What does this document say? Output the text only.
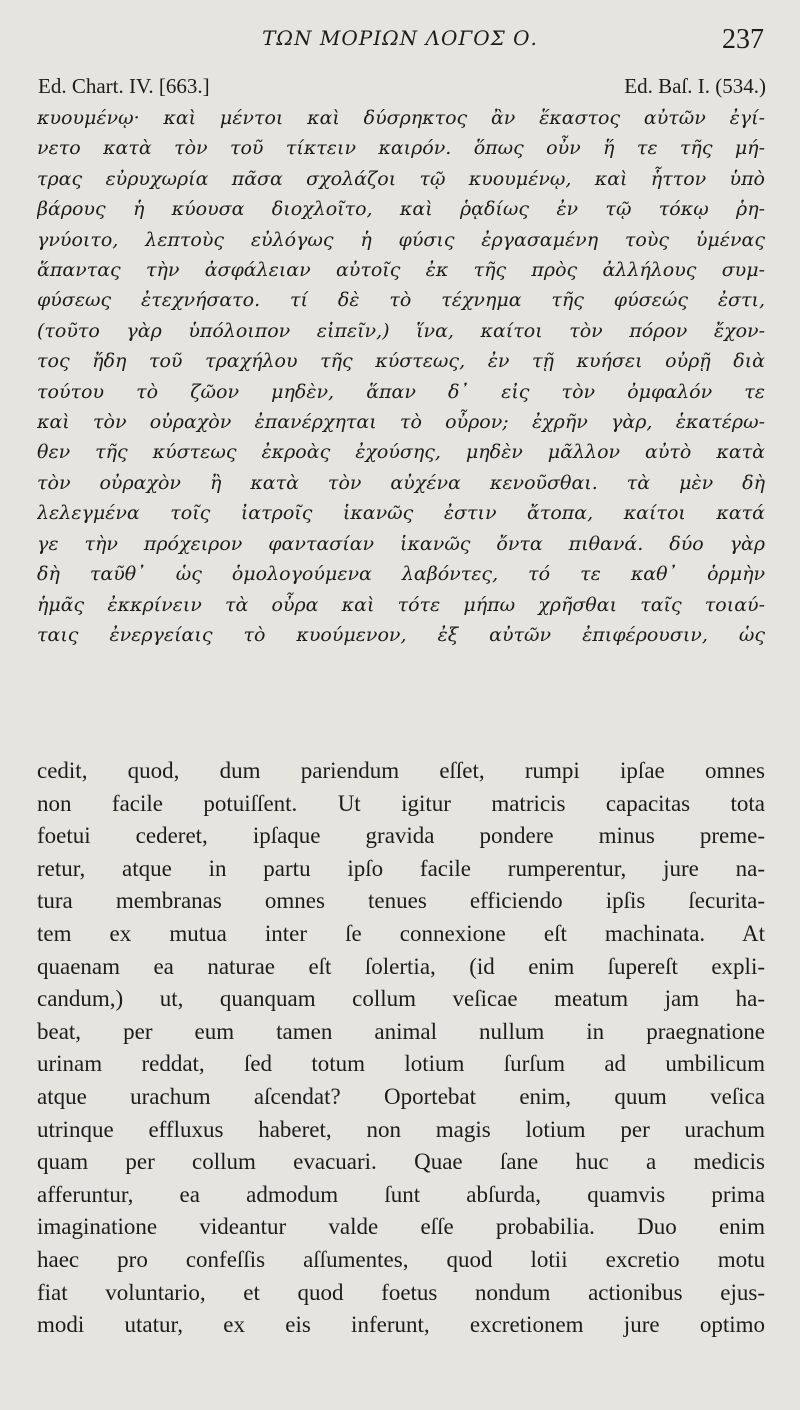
ΤΩΝ ΜΟΡΙΩΝ ΛΟΓΟΣ Ο.	237
Ed. Chart. IV. [663.]	Ed. Baſ. I. (534.)
κυουμένῳ· καὶ μέντοι καὶ δύσρηκτος ἂν ἕκαστος αὐτῶν ἐγί-
νετο κατὰ τὸν τοῦ τίκτειν καιρόν. ὅπως οὖν ἥ τε τῆς μή-
τρας εὐρυχωρία πᾶσα σχολάζοι τῷ κυουμένῳ, καὶ ἧττον ὑπὸ
βάρους ἡ κύουσα διοχλοῖτο, καὶ ῥᾳδίως ἐν τῷ τόκῳ ῥη-
γνύοιτο, λεπτοὺς εὐλόγως ἡ φύσις ἐργασαμένη τοὺς ὑμένας
ἅπαντας τὴν ἀσφάλειαν αὐτοῖς ἐκ τῆς πρὸς ἀλλήλους συμ-
φύσεως ἐτεχνήσατο. τί δὲ τὸ τέχνημα τῆς φύσεώς ἐστι,
(τοῦτο γὰρ ὑπόλοιπον εἰπεῖν,) ἵνα, καίτοι τὸν πόρον ἔχον-
τος ἤδη τοῦ τραχήλου τῆς κύστεως, ἐν τῇ κυήσει οὐρῇ διὰ
τούτου τὸ ζῶον μηδὲν, ἅπαν δ᾽ εἰς τὸν ὀμφαλόν τε
καὶ τὸν οὐραχὸν ἐπανέρχηται τὸ οὖρον; ἐχρῆν γὰρ, ἑκατέρω-
θεν τῆς κύστεως ἐκροὰς ἐχούσης, μηδὲν μᾶλλον αὐτὸ κατὰ
τὸν οὐραχὸν ἢ κατὰ τὸν αὐχένα κενοῦσθαι. τὰ μὲν δὴ
λελεγμένα τοῖς ἰατροῖς ἱκανῶς ἐστιν ἄτοπα, καίτοι κατά
γε τὴν πρόχειρον φαντασίαν ἱκανῶς ὄντα πιθανά. δύο γὰρ
δὴ ταῦθ᾽ ὡς ὁμολογούμενα λαβόντες, τό τε καθ᾽ ὁρμὴν
ἡμᾶς ἐκκρίνειν τὰ οὖρα καὶ τότε μήπω χρῆσθαι ταῖς τοιαύ-
ταις ἐνεργείαις τὸ κυούμενον, ἐξ αὐτῶν ἐπιφέρουσιν, ὡς
cedit, quod, dum pariendum eſſet, rumpi ipſae omnes
non facile potuiſſent. Ut igitur matricis capacitas tota
foetui cederet, ipſaque gravida pondere minus preme-
retur, atque in partu ipſo facile rumperentur, jure na-
tura membranas omnes tenues efficiendo ipſis ſecurita-
tem ex mutua inter ſe connexione eſt machinata. At
quaenam ea naturae eſt ſolertia, (id enim ſupereſt expli-
candum,) ut, quanquam collum veſicae meatum jam ha-
beat, per eum tamen animal nullum in praegnatione
urinam reddat, ſed totum lotium ſurſum ad umbilicum
atque urachum aſcendat? Oportebat enim, quum veſica
utrinque effluxus haberet, non magis lotium per urachum
quam per collum evacuari. Quae ſane huc a medicis
afferuntur, ea admodum ſunt abſurda, quamvis prima
imaginatione videantur valde eſſe probabilia. Duo enim
haec pro confeſſis aſſumentes, quod lotii excretio motu
fiat voluntario, et quod foetus nondum actionibus ejus-
modi utatur, ex eis inferunt, excretionem jure optimo
